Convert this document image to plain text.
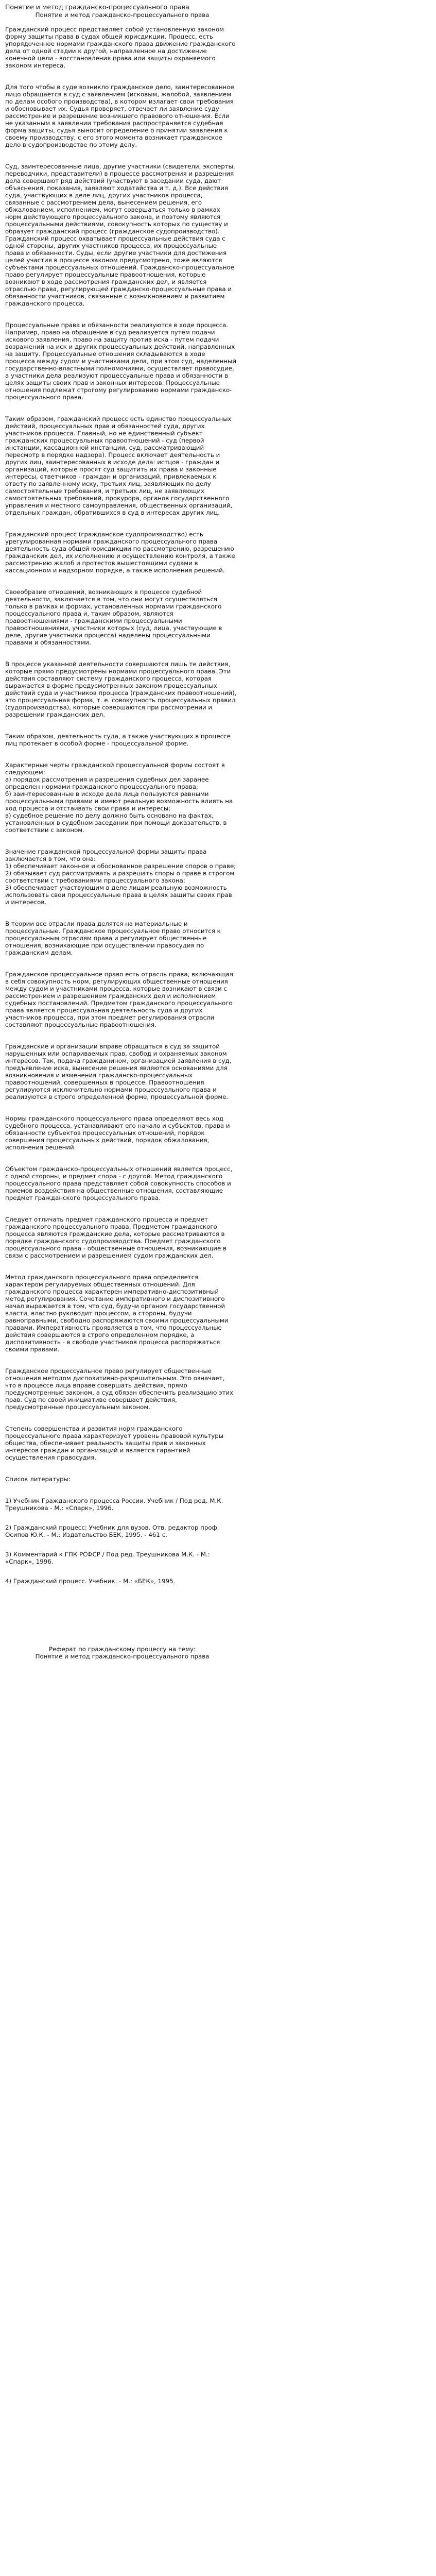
Понятие и метод гражданско-процессуального права
Понятие и метод гражданско-процессуального права

Гражданский процесс представляет собой установленную законом форму защиты права в судах общей юрисдикции. Процесс, есть упорядоченное нормами гражданского права движение гражданского дела от одной стадии к другой, направленное на достижение конечной цели - восстановления права или защиты охраняемого законом интереса.

Для того чтобы в суде возникло гражданское дело, заинтересованное лицо обращается в суд с заявлением (исковым, жалобой, заявлением по делам особого производства), в котором излагает свои требования и обосновывает их. Судья проверяет, отвечает ли заявление суду рассмотрение и разрешение возникшего правового отношения. Если не указанным в заявлении требования распространяется судебная форма защиты, судья выносит определение о принятии заявления к своему производству, с его этого момента возникает гражданское дело в судопроизводстве по этому делу.

Суд, заинтересованные лица, другие участники (свидетели, эксперты, переводчики, представители) в процессе рассмотрения и разрешения дела совершают ряд действий (участвуют в заседании суда, дают объяснения, показания, заявляют ходатайства и т. д.). Все действия суда, участвующих в деле лиц, других участников процесса, связанные с рассмотрением дела, вынесением решения, его обжалованием, исполнением, могут совершаться только в рамках норм действующего процессуального закона, и поэтому являются процессуальными действиями, совокупность которых по существу и образует гражданский процесс (гражданское судопроизводство). Гражданский процесс охватывает процессуальные действия суда с одной стороны, других участников процесса, их процессуальные права и обязанности. Суды, если другие участники для достижения целей участия в процессе законом предусмотрено, тоже являются субъектами процессуальных отношений. Гражданско-процессуальное право регулирует процессуальные правоотношения, которые возникают в ходе рассмотрения гражданских дел, и является отраслью права, регулирующей гражданско-процессуальные права и обязанности участников, связанные с возникновением и развитием гражданского процесса.

Процессуальные права и обязанности реализуются в ходе процесса. Например, право на обращение в суд реализуется путем подачи искового заявления, право на защиту против иска - путем подачи возражений на иск и других процессуальных действий, направленных на защиту. Процессуальные отношения складываются в ходе процесса между судом и участниками дела, при этом суд, наделенный государственно-властными полномочиями, осуществляет правосудие, а участники дела реализуют процессуальные права и обязанности в целях защиты своих прав и законных интересов. Процессуальные отношения подлежат строгому регулированию нормами гражданско-процессуального права.

Таким образом, гражданский процесс есть единство процессуальных действий, процессуальных прав и обязанностей суда, других участников процесса. Главный, но не единственный субъект гражданских процессуальных правоотношений - суд (первой инстанции, кассационной инстанции, суд, рассматривающий пересмотр в порядке надзора). Процесс включает деятельность и других лиц, заинтересованных в исходе дела: истцов - граждан и организаций, которые просят суд защитить их права и законные интересы, ответчиков - граждан и организаций, привлекаемых к ответу по заявленному иску, третьих лиц, заявляющих по делу самостоятельные требования, и третьих лиц, не заявляющих самостоятельных требований, прокурора, органов государственного управления и местного самоуправления, общественных организаций, отдельных граждан, обратившихся в суд в интересах других лиц.

Гражданский процесс (гражданское судопроизводство) есть урегулированная нормами гражданского процессуального права деятельность суда общей юрисдикции по рассмотрению, разрешению гражданских дел, их исполнению и осуществлению контроля, а также рассмотрению жалоб и протестов вышестоящими судами в кассационном и надзорном порядке, а также исполнения решений.

Своеобразие отношений, возникающих в процессе судебной деятельности, заключается в том, что они могут осуществляться только в рамках и формах, установленных нормами гражданского процессуального права и, таким образом, являются правоотношениями - гражданскими процессуальными правоотношениями, участники которых (суд, лица, участвующие в деле, другие участники процесса) наделены процессуальными правами и обязанностями.

В процессе указанной деятельности совершаются лишь те действия, которые прямо предусмотрены нормами процессуального права. Эти действия составляют систему гражданского процесса, которая выражается в форме предусмотренных законом процессуальных действий суда и участников процесса (гражданских правоотношений), это процессуальная форма, т. е. совокупность процессуальных правил (судопроизводства), которые совершаются при рассмотрении и разрешении гражданских дел.

Таким образом, деятельность суда, а также участвующих в процессе лиц протекает в особой форме - процессуальной форме.

Характерные черты гражданской процессуальной формы состоят в следующем:
а) порядок рассмотрения и разрешения судебных дел заранее определен нормами гражданского процессуального права;
б) заинтересованные в исходе дела лица пользуются равными процессуальными правами и имеют реальную возможность влиять на ход процесса и отстаивать свои права и интересы;
в) судебное решение по делу должно быть основано на фактах, установленных в судебном заседании при помощи доказательств, в соответствии с законом.

Значение гражданской процессуальной формы защиты права заключается в том, что она:
1) обеспечивает законное и обоснованное разрешение споров о праве;
2) обязывает суд рассматривать и разрешать споры о праве в строгом соответствии с требованиями процессуального закона;
3) обеспечивает участвующим в деле лицам реальную возможность использовать свои процессуальные права в целях защиты своих прав и интересов.

В теории все отрасли права делятся на материальные и процессуальные. Гражданское процессуальное право относится к процессуальным отраслям права и регулирует общественные отношения, возникающие при осуществлении правосудия по гражданским делам.

Гражданское процессуальное право есть отрасль права, включающая в себя совокупность норм, регулирующих общественные отношения между судом и участниками процесса, которые возникают в связи с рассмотрением и разрешением гражданских дел и исполнением судебных постановлений. Предметом гражданского процессуального права является процессуальная деятельность суда и других участников процесса, при этом предмет регулирования отрасли составляют процессуальные правоотношения.

Гражданские и организации вправе обращаться в суд за защитой нарушенных или оспариваемых прав, свобод и охраняемых законом интересов. Так, подача гражданином, организацией заявления в суд, предъявление иска, вынесение решения являются основаниями для возникновения и изменения гражданско-процессуальных правоотношений, совершенных в процессе. Правоотношения регулируются исключительно нормами процессуального права и реализуются в строго определенной форме, процессуальной форме.

Нормы гражданского процессуального права определяют весь ход судебного процесса, устанавливают его начало и субъектов, права и обязанности субъектов процессуальных отношений, порядок совершения процессуальных действий, порядок обжалования, исполнения решений.

Объектом гражданско-процессуальных отношений является процесс, с одной стороны, и предмет спора - с другой. Метод гражданского процессуального права представляет собой совокупность способов и приемов воздействия на общественные отношения, составляющие предмет гражданского процессуального права.

Следует отличать предмет гражданского процесса и предмет гражданского процессуального права. Предметом гражданского процесса являются гражданские дела, которые рассматриваются в порядке гражданского судопроизводства. Предмет гражданского процессуального права - общественные отношения, возникающие в связи с рассмотрением и разрешением судом гражданских дел.

Метод гражданского процессуального права определяется характером регулируемых общественных отношений. Для гражданского процесса характерен императивно-диспозитивный метод регулирования. Сочетание императивного и диспозитивного начал выражается в том, что суд, будучи органом государственной власти, властно руководит процессом, а стороны, будучи равноправными, свободно распоряжаются своими процессуальными правами. Императивность проявляется в том, что процессуальные действия совершаются в строго определенном порядке, а диспозитивность - в свободе участников процесса распоряжаться своими правами.

Гражданское процессуальное право регулирует общественные отношения методом диспозитивно-разрешительным. Это означает, что в процессе лица вправе совершать действия, прямо предусмотренные законом, а суд обязан обеспечить реализацию этих прав. Суд по своей инициативе совершает действия, предусмотренные процессуальным законом.

Степень совершенства и развития норм гражданского процессуального права характеризует уровень правовой культуры общества, обеспечивает реальность защиты прав и законных интересов граждан и организаций и является гарантией осуществления правосудия.

Список литературы:

1) Учебник Гражданского процесса России. Учебник / Под ред. М.К. Треушникова - М.: «Спарк», 1996.
2) Гражданский процесс: Учебник для вузов. Отв. редактор проф. Осипов Ю.К. - М.: Издательство БЕК, 1995. - 461 с.
3) Комментарий к ГПК РСФСР / Под ред. Треушникова М.К. - М.: «Спарк», 1996.
4) Гражданский процесс. Учебник. - М.: «БЕК», 1995.
Реферат по гражданскому процессу на тему:
Понятие и метод гражданско-процессуального права
